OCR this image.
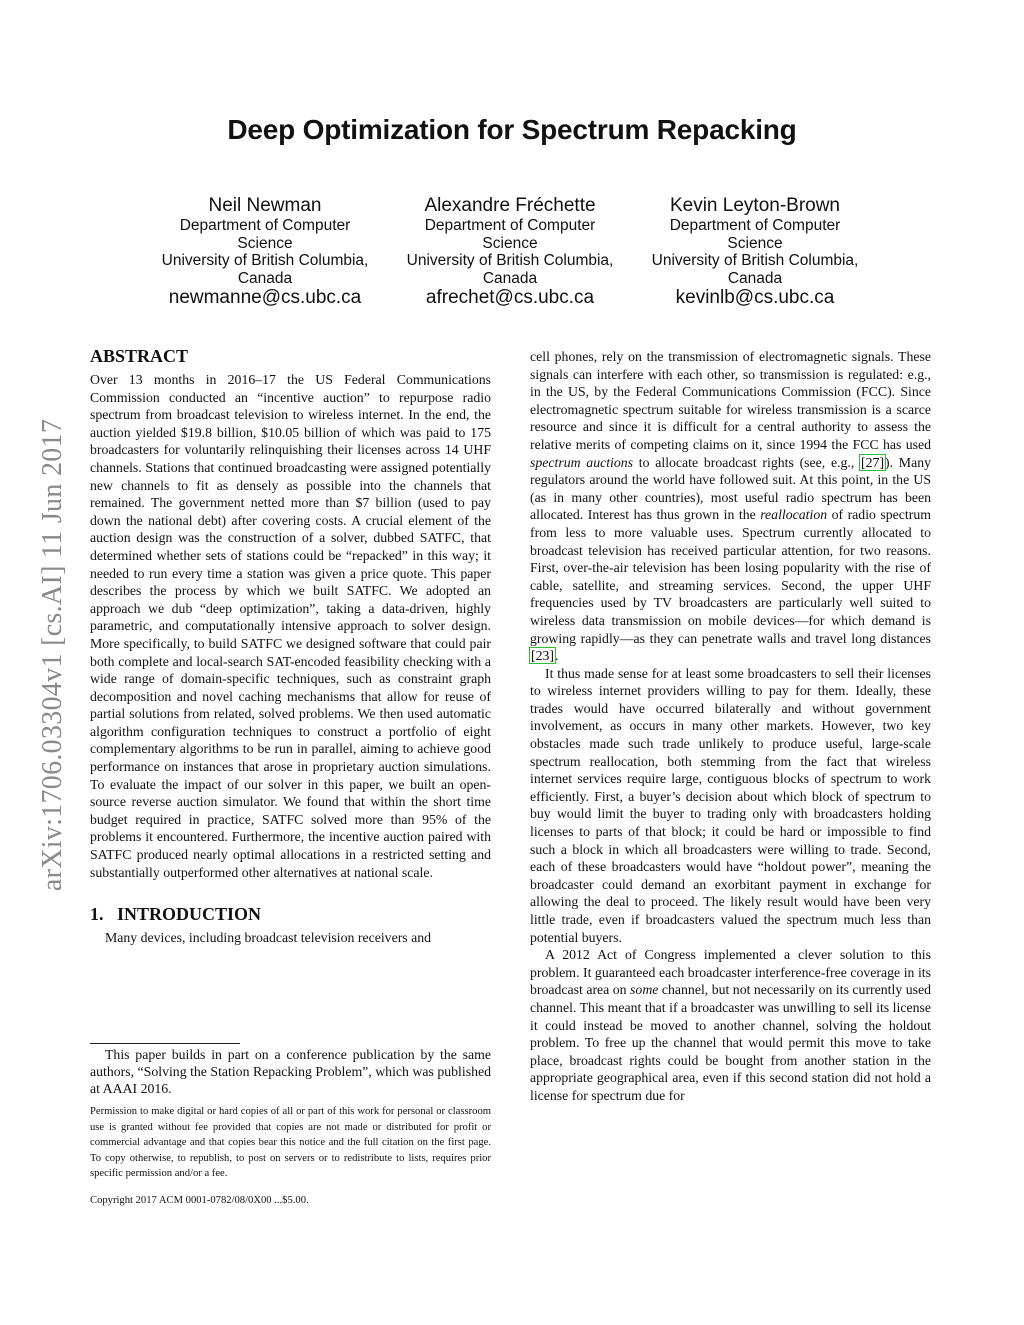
arXiv:1706.03304v1 [cs.AI] 11 Jun 2017
Deep Optimization for Spectrum Repacking
Neil Newman
Department of Computer
Science
University of British Columbia,
Canada
newmanne@cs.ubc.ca
Alexandre Fréchette
Department of Computer
Science
University of British Columbia,
Canada
afrechet@cs.ubc.ca
Kevin Leyton-Brown
Department of Computer
Science
University of British Columbia,
Canada
kevinlb@cs.ubc.ca
ABSTRACT

Over 13 months in 2016–17 the US Federal Communications Commission conducted an “incentive auction” to repurpose radio spectrum from broadcast television to wireless internet. In the end, the auction yielded $19.8 billion, $10.05 billion of which was paid to 175 broadcasters for voluntarily relinquishing their licenses across 14 UHF channels. Stations that continued broadcasting were assigned potentially new channels to fit as densely as possible into the channels that remained. The government netted more than $7 billion (used to pay down the national debt) after covering costs. A crucial element of the auction design was the construction of a solver, dubbed SATFC, that determined whether sets of stations could be “repacked” in this way; it needed to run every time a station was given a price quote. This paper describes the process by which we built SATFC. We adopted an approach we dub “deep optimization”, taking a data-driven, highly parametric, and computationally intensive approach to solver design. More specifically, to build SATFC we designed software that could pair both complete and local-search SAT-encoded feasibility checking with a wide range of domain-specific techniques, such as constraint graph decomposition and novel caching mechanisms that allow for reuse of partial solutions from related, solved problems. We then used automatic algorithm configuration techniques to construct a portfolio of eight complementary algorithms to be run in parallel, aiming to achieve good performance on instances that arose in proprietary auction simulations. To evaluate the impact of our solver in this paper, we built an open-source reverse auction simulator. We found that within the short time budget required in practice, SATFC solved more than 95% of the problems it encountered. Furthermore, the incentive auction paired with SATFC produced nearly optimal allocations in a restricted setting and substantially outperformed other alternatives at national scale.

1.   INTRODUCTION

Many devices, including broadcast television receivers and

This paper builds in part on a conference publication by the same authors, “Solving the Station Repacking Problem”, which was published at AAAI 2016.

Permission to make digital or hard copies of all or part of this work for personal or classroom use is granted without fee provided that copies are not made or distributed for profit or commercial advantage and that copies bear this notice and the full citation on the first page. To copy otherwise, to republish, to post on servers or to redistribute to lists, requires prior specific permission and/or a fee.

Copyright 2017 ACM 0001-0782/08/0X00 ...$5.00.

cell phones, rely on the transmission of electromagnetic signals. These signals can interfere with each other, so transmission is regulated: e.g., in the US, by the Federal Communications Commission (FCC). Since electromagnetic spectrum suitable for wireless transmission is a scarce resource and since it is difficult for a central authority to assess the relative merits of competing claims on it, since 1994 the FCC has used spectrum auctions to allocate broadcast rights (see, e.g., [27]). Many regulators around the world have followed suit. At this point, in the US (as in many other countries), most useful radio spectrum has been allocated. Interest has thus grown in the reallocation of radio spectrum from less to more valuable uses. Spectrum currently allocated to broadcast television has received particular attention, for two reasons. First, over-the-air television has been losing popularity with the rise of cable, satellite, and streaming services. Second, the upper UHF frequencies used by TV broadcasters are particularly well suited to wireless data transmission on mobile devices—for which demand is growing rapidly—as they can penetrate walls and travel long distances [23].

It thus made sense for at least some broadcasters to sell their licenses to wireless internet providers willing to pay for them. Ideally, these trades would have occurred bilaterally and without government involvement, as occurs in many other markets. However, two key obstacles made such trade unlikely to produce useful, large-scale spectrum reallocation, both stemming from the fact that wireless internet services require large, contiguous blocks of spectrum to work efficiently. First, a buyer’s decision about which block of spectrum to buy would limit the buyer to trading only with broadcasters holding licenses to parts of that block; it could be hard or impossible to find such a block in which all broadcasters were willing to trade. Second, each of these broadcasters would have “holdout power”, meaning the broadcaster could demand an exorbitant payment in exchange for allowing the deal to proceed. The likely result would have been very little trade, even if broadcasters valued the spectrum much less than potential buyers.

A 2012 Act of Congress implemented a clever solution to this problem. It guaranteed each broadcaster interference-free coverage in its broadcast area on some channel, but not necessarily on its currently used channel. This meant that if a broadcaster was unwilling to sell its license it could instead be moved to another channel, solving the holdout problem. To free up the channel that would permit this move to take place, broadcast rights could be bought from another station in the appropriate geographical area, even if this second station did not hold a license for spectrum due for
